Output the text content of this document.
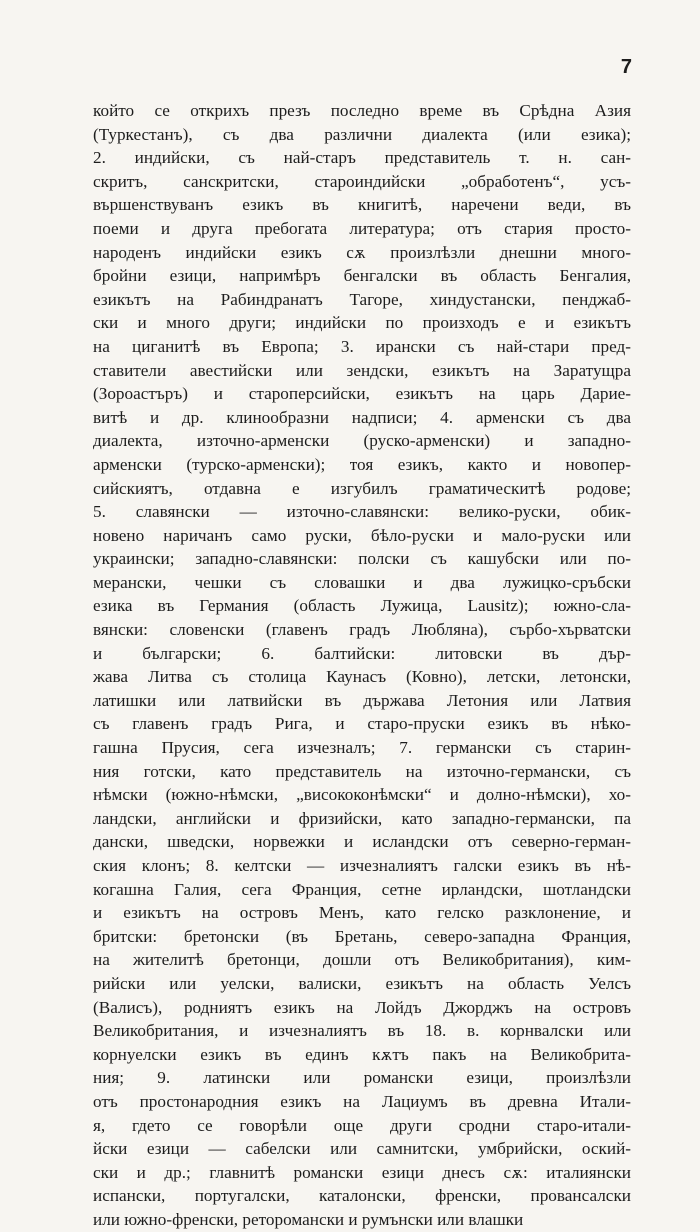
7
който се открихъ презъ последно време въ Срѣдна Азия
(Туркестанъ), съ два различни диалекта (или езика);
2. индийски, съ най-старъ представитель т. н. сан-
скритъ, санскритски, староиндийски „обработенъ“, усъ-
вършенствуванъ езикъ въ книгитѣ, наречени веди, въ
поеми и друга пребогата литература; отъ стария просто-
народенъ индийски езикъ сѫ произлѣзли днешни много-
бройни езици, напримѣръ бенгалски въ область Бенгалия,
езикътъ на Рабиндранатъ Тагоре, хиндустански, пенджаб-
ски и много други; индийски по произходъ е и езикътъ
на циганитѣ въ Европа; 3. ирански съ най-стари пред-
ставители авестийски или зендски, езикътъ на Заратущра
(Зороастъръ) и староперсийски, езикътъ на царь Дарие-
витѣ и др. клинообразни надписи; 4. арменски съ два
диалекта, източно-арменски (руско-арменски) и западно-
арменски (турско-арменски); тоя езикъ, както и новопер-
сийскиятъ, отдавна е изгубилъ граматическитѣ родове;
5. славянски — източно-славянски: велико-руски, обик-
новено наричанъ само руски, бѣло-руски и мало-руски или
украински; западно-славянски: полски съ кашубски или по-
мерански, чешки съ словашки и два лужицко-сръбски
езика въ Германия (область Лужица, Lausitz); южно-сла-
вянски: словенски (главенъ градъ Любляна), сърбо-хърватски
и български; 6. балтийски: литовски въ дър-
жава Литва съ столица Каунасъ (Ковно), летски, летонски,
латишки или латвийски въ държава Летония или Латвия
съ главенъ градъ Рига, и старо-пруски езикъ въ нѣко-
гашна Прусия, сега изчезналъ; 7. германски съ старин-
ния готски, като представитель на източно-германски, съ
нѣмски (южно-нѣмски, „висококонѣмски“ и долно-нѣмски), хо-
ландски, английски и фризийски, като западно-германски, па
дански, шведски, норвежки и исландски отъ северно-герман-
ския клонъ; 8. келтски — изчезналиятъ галски езикъ въ нѣ-
когашна Галия, сега Франция, сетне ирландски, шотландски
и езикътъ на островъ Менъ, като гелско разклонение, и
бритски: бретонски (въ Бретань, северо-западна Франция,
на жителитѣ бретонци, дошли отъ Великобритания), ким-
рийски или уелски, валиски, езикътъ на область Уелсъ
(Валисъ), родниятъ езикъ на Лойдъ Джорджъ на островъ
Великобритания, и изчезналиятъ въ 18. в. корнвалски или
корнуелски езикъ въ единъ кѫтъ пакъ на Великобрита-
ния; 9. латински или романски езици, произлѣзли
отъ простонародния езикъ на Лациумъ въ древна Итали-
я, гдето се говорѣли още други сродни старо-итали-
йски езици — сабелски или самнитски, умбрийски, оский-
ски и др.; главнитѣ романски езици днесъ сѫ: италиянски
испански, португалски, каталонски, френски, провансалски
или южно-френски, реторомански и румънски или влашки
